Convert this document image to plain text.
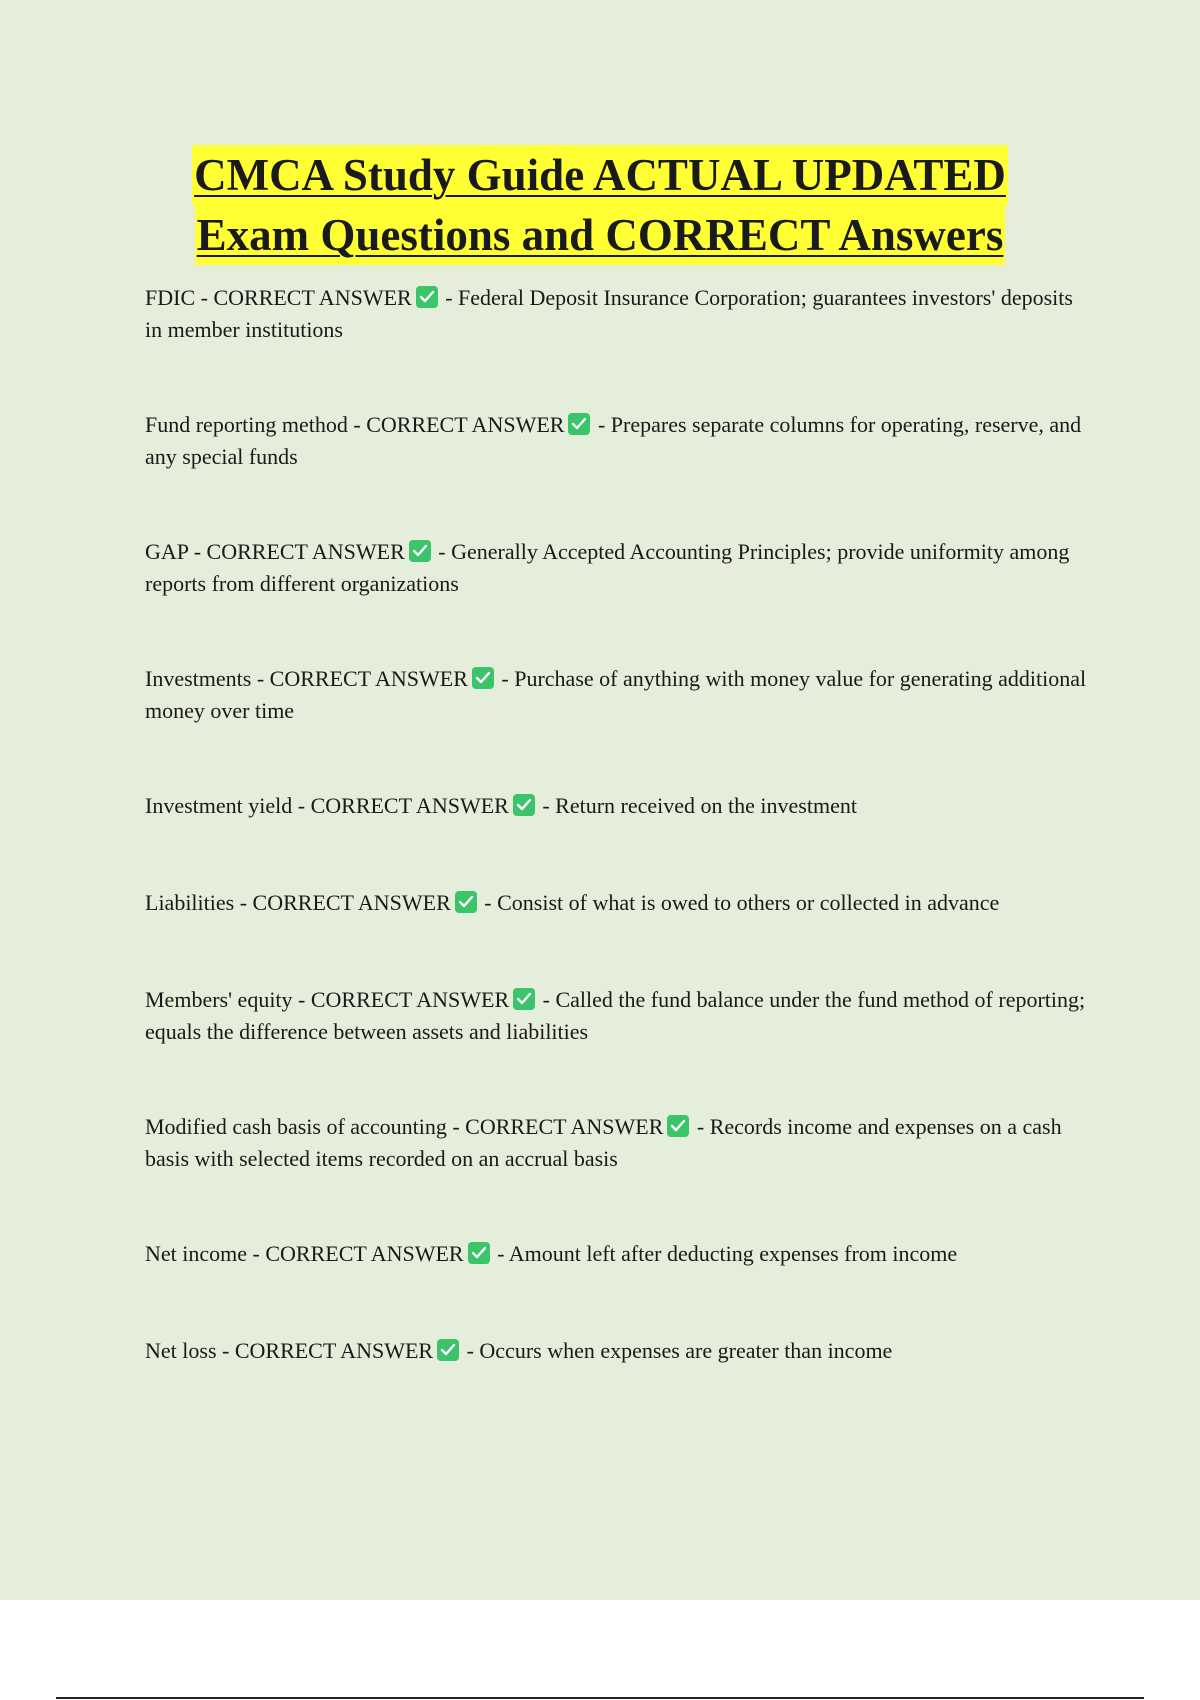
CMCA Study Guide ACTUAL UPDATED
Exam Questions and CORRECT Answers
FDIC - CORRECT ANSWER
- Federal Deposit Insurance Corporation; guarantees investors' deposits in member institutions
Fund reporting method - CORRECT ANSWER
- Prepares separate columns for operating, reserve, and any special funds
GAP - CORRECT ANSWER
- Generally Accepted Accounting Principles; provide uniformity among reports from different organizations
Investments - CORRECT ANSWER
- Purchase of anything with money value for generating additional money over time
Investment yield - CORRECT ANSWER
- Return received on the investment
Liabilities - CORRECT ANSWER
- Consist of what is owed to others or collected in advance
Members' equity - CORRECT ANSWER
- Called the fund balance under the fund method of reporting; equals the difference between assets and liabilities
Modified cash basis of accounting - CORRECT ANSWER
- Records income and expenses on a cash basis with selected items recorded on an accrual basis
Net income - CORRECT ANSWER
- Amount left after deducting expenses from income
Net loss - CORRECT ANSWER
- Occurs when expenses are greater than income
